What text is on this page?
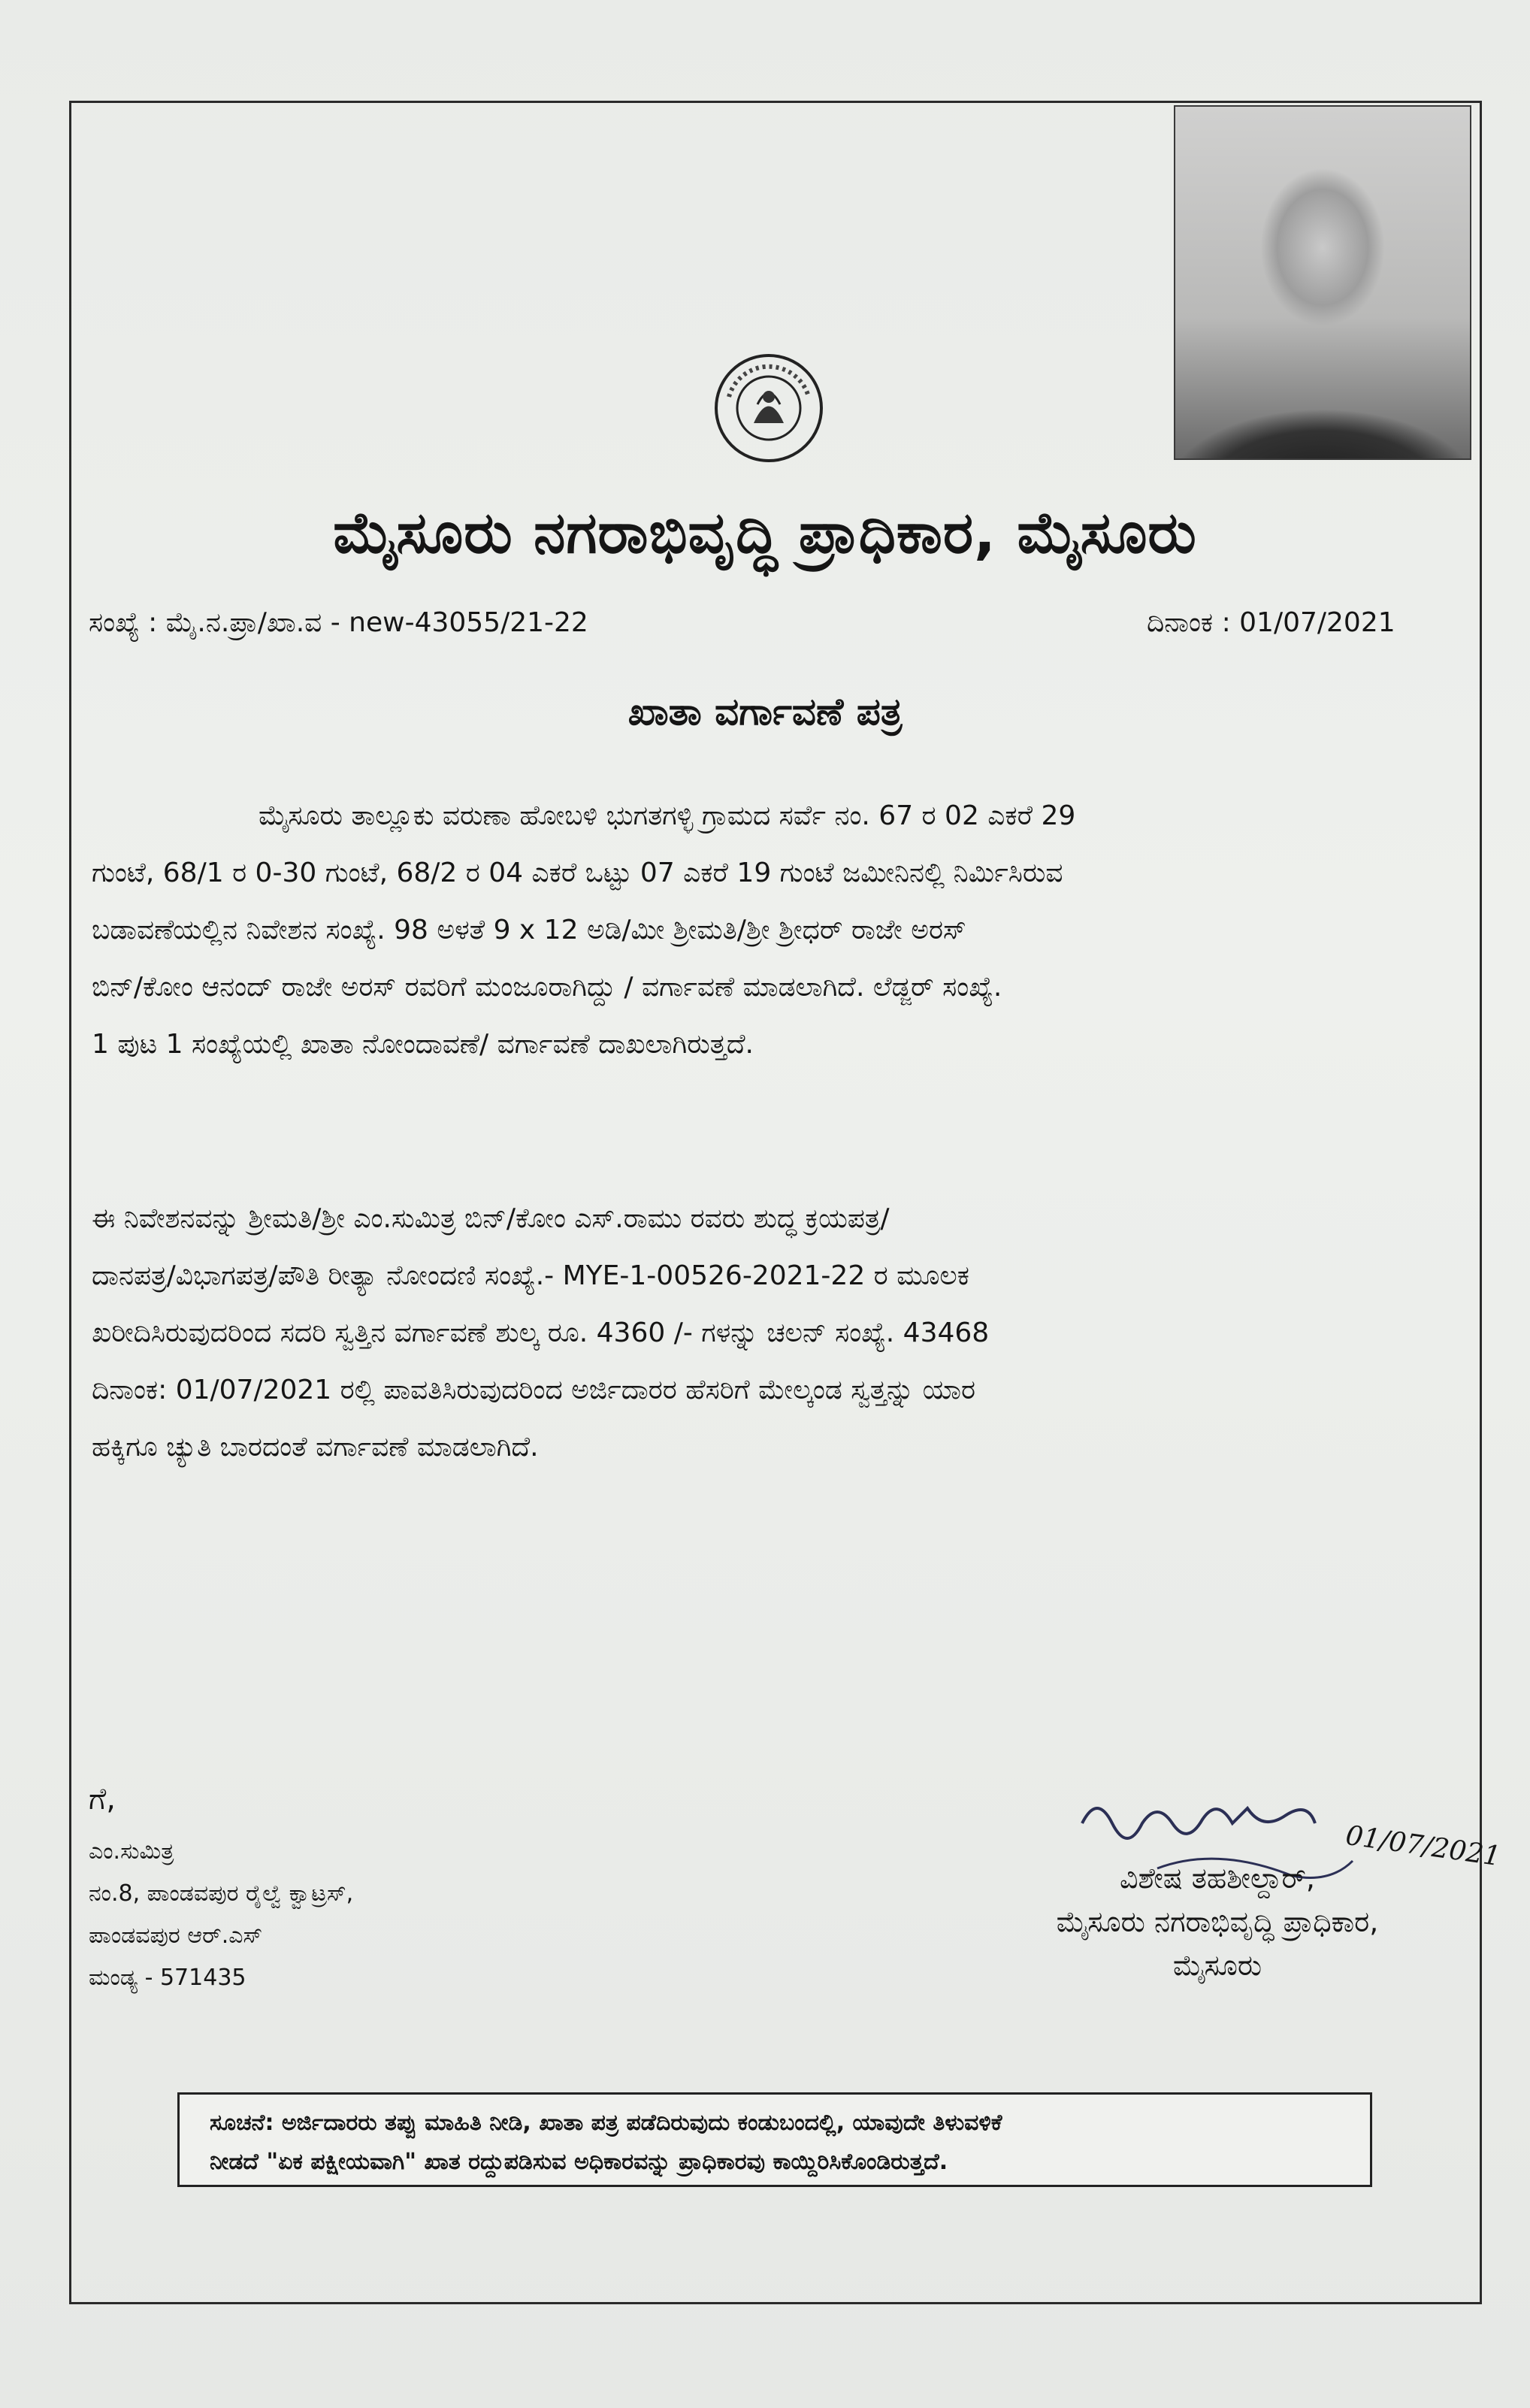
ಮೈಸೂರು ನಗರಾಭಿವೃದ್ಧಿ ಪ್ರಾಧಿಕಾರ, ಮೈಸೂರು
ಸಂಖ್ಯೆ : ಮೈ.ನ.ಪ್ರಾ/ಖಾ.ವ - new-43055/21-22	ದಿನಾಂಕ : 01/07/2021
ಖಾತಾ ವರ್ಗಾವಣೆ ಪತ್ರ
ಮೈಸೂರು ತಾಲ್ಲೂಕು ವರುಣಾ ಹೋಬಳಿ ಭುಗತಗಳ್ಳಿ ಗ್ರಾಮದ ಸರ್ವೆ ನಂ. 67 ರ 02 ಎಕರೆ 29
ಗುಂಟೆ, 68/1 ರ 0-30 ಗುಂಟೆ, 68/2 ರ 04 ಎಕರೆ ಒಟ್ಟು 07 ಎಕರೆ 19 ಗುಂಟೆ ಜಮೀನಿನಲ್ಲಿ ನಿರ್ಮಿಸಿರುವ
ಬಡಾವಣೆಯಲ್ಲಿನ ನಿವೇಶನ ಸಂಖ್ಯೆ. 98 ಅಳತೆ 9 x 12 ಅಡಿ/ಮೀ ಶ್ರೀಮತಿ/ಶ್ರೀ ಶ್ರೀಧರ್ ರಾಜೇ ಅರಸ್
ಬಿನ್/ಕೋಂ ಆನಂದ್ ರಾಜೇ ಅರಸ್ ರವರಿಗೆ ಮಂಜೂರಾಗಿದ್ದು / ವರ್ಗಾವಣೆ ಮಾಡಲಾಗಿದೆ. ಲೆಡ್ಜರ್ ಸಂಖ್ಯೆ.
1 ಪುಟ 1 ಸಂಖ್ಯೆಯಲ್ಲಿ ಖಾತಾ ನೋಂದಾವಣೆ/ ವರ್ಗಾವಣೆ ದಾಖಲಾಗಿರುತ್ತದೆ.
ಈ ನಿವೇಶನವನ್ನು ಶ್ರೀಮತಿ/ಶ್ರೀ ಎಂ.ಸುಮಿತ್ರ ಬಿನ್/ಕೋಂ ಎಸ್.ರಾಮು ರವರು ಶುದ್ಧ ಕ್ರಯಪತ್ರ/
ದಾನಪತ್ರ/ವಿಭಾಗಪತ್ರ/ಪೌತಿ ರೀತ್ಯಾ ನೋಂದಣಿ ಸಂಖ್ಯೆ.- MYE-1-00526-2021-22 ರ ಮೂಲಕ
ಖರೀದಿಸಿರುವುದರಿಂದ ಸದರಿ ಸ್ವತ್ತಿನ ವರ್ಗಾವಣೆ ಶುಲ್ಕ ರೂ. 4360 /- ಗಳನ್ನು ಚಲನ್ ಸಂಖ್ಯೆ. 43468
ದಿನಾಂಕ: 01/07/2021 ರಲ್ಲಿ ಪಾವತಿಸಿರುವುದರಿಂದ ಅರ್ಜಿದಾರರ ಹೆಸರಿಗೆ ಮೇಲ್ಕಂಡ ಸ್ವತ್ತನ್ನು ಯಾರ
ಹಕ್ಕಿಗೂ ಚ್ಯುತಿ ಬಾರದಂತೆ ವರ್ಗಾವಣೆ ಮಾಡಲಾಗಿದೆ.
ಗೆ,
ಎಂ.ಸುಮಿತ್ರ
ನಂ.8, ಪಾಂಡವಪುರ ರೈಲ್ವೆ ಕ್ವಾಟ್ರಸ್,
ಪಾಂಡವಪುರ ಆರ್.ಎಸ್
ಮಂಡ್ಯ - 571435
01/07/2021
ವಿಶೇಷ ತಹಶೀಲ್ದಾರ್,
ಮೈಸೂರು ನಗರಾಭಿವೃದ್ಧಿ ಪ್ರಾಧಿಕಾರ,
ಮೈಸೂರು
ಸೂಚನೆ: ಅರ್ಜಿದಾರರು ತಪ್ಪು ಮಾಹಿತಿ ನೀಡಿ, ಖಾತಾ ಪತ್ರ ಪಡೆದಿರುವುದು ಕಂಡುಬಂದಲ್ಲಿ, ಯಾವುದೇ ತಿಳುವಳಿಕೆ
ನೀಡದೆ "ಏಕ ಪಕ್ಷೀಯವಾಗಿ" ಖಾತ ರದ್ದುಪಡಿಸುವ ಅಧಿಕಾರವನ್ನು ಪ್ರಾಧಿಕಾರವು ಕಾಯ್ದಿರಿಸಿಕೊಂಡಿರುತ್ತದೆ.
